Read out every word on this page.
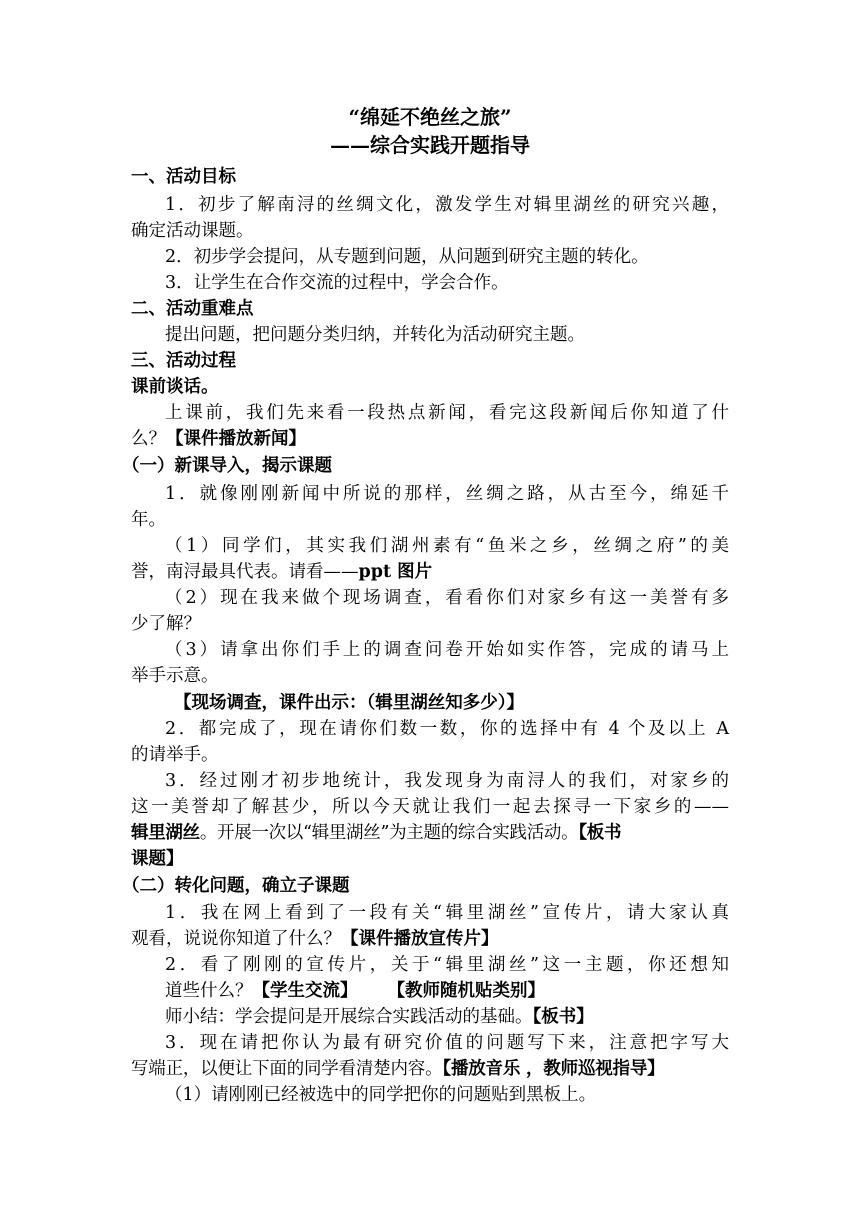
“绵延不绝丝之旅”
——综合实践开题指导
一、活动目标
1．初步了解南浔的丝绸文化，激发学生对辑里湖丝的研究兴趣，
确定活动课题。
2．初步学会提问，从专题到问题，从问题到研究主题的转化。
3．让学生在合作交流的过程中，学会合作。
二、活动重难点
提出问题，把问题分类归纳，并转化为活动研究主题。
三、活动过程
课前谈话。
上课前，我们先来看一段热点新闻，看完这段新闻后你知道了什
么？【课件播放新闻】
（一）新课导入，揭示课题
1．就像刚刚新闻中所说的那样，丝绸之路，从古至今，绵延千
年。
（1）同学们，其实我们湖州素有“鱼米之乡，丝绸之府”的美
誉，南浔最具代表。请看——ppt 图片
（2）现在我来做个现场调查，看看你们对家乡有这一美誉有多
少了解？
（3）请拿出你们手上的调查问卷开始如实作答，完成的请马上
举手示意。
【现场调查，课件出示：（辑里湖丝知多少）】
2．都完成了，现在请你们数一数，你的选择中有 4 个及以上 A
的请举手。
3．经过刚才初步地统计，我发现身为南浔人的我们，对家乡的
这一美誉却了解甚少，所以今天就让我们一起去探寻一下家乡的——
辑里湖丝。开展一次以“辑里湖丝”为主题的综合实践活动。【板书
课题】
（二）转化问题，确立子课题
1．我在网上看到了一段有关“辑里湖丝”宣传片，请大家认真
观看，说说你知道了什么？【课件播放宣传片】
2．看了刚刚的宣传片，关于“辑里湖丝”这一主题，你还想知
道些什么？【学生交流】 【教师随机贴类别】
师小结：学会提问是开展综合实践活动的基础。【板书】
3．现在请把你认为最有研究价值的问题写下来，注意把字写大
写端正，以便让下面的同学看清楚内容。【播放音乐 ，教师巡视指导】
（1）请刚刚已经被选中的同学把你的问题贴到黑板上。
